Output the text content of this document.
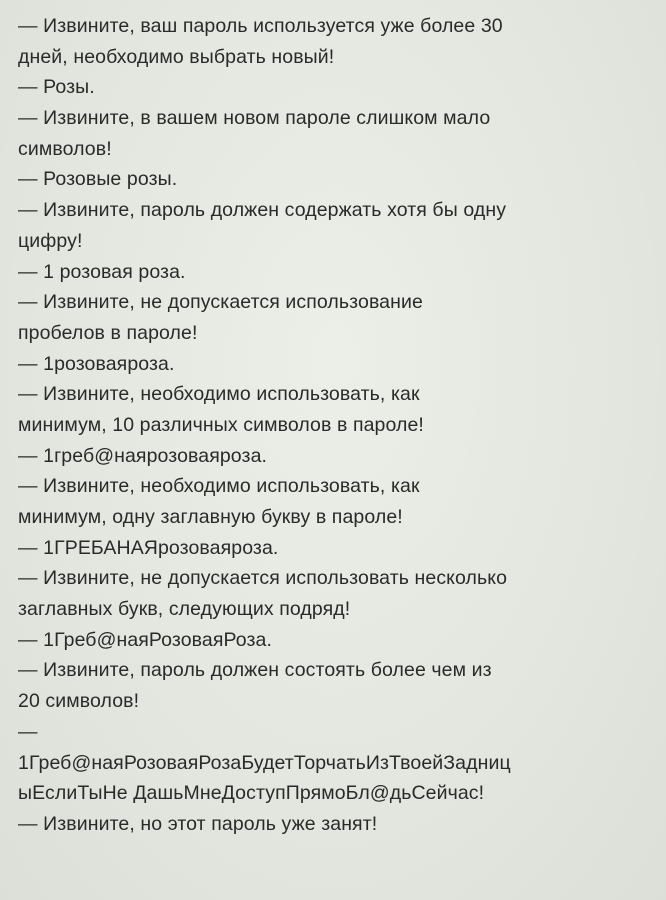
— Извините, ваш пароль используется уже более 30
дней, необходимо выбрать новый!
— Розы.
— Извините, в вашем новом пароле слишком мало
символов!
— Розовые розы.
— Извините, пароль должен содержать хотя бы одну
цифру!
— 1 розовая роза.
— Извините, не допускается использование
пробелов в пароле!
— 1розоваяроза.
— Извините, необходимо использовать, как
минимум, 10 различных символов в пароле!
— 1греб@наярозоваяроза.
— Извините, необходимо использовать, как
минимум, одну заглавную букву в пароле!
— 1ГРЕБАНАЯрозоваяроза.
— Извините, не допускается использовать несколько
заглавных букв, следующих подряд!
— 1Греб@наяРозоваяРоза.
— Извините, пароль должен состоять более чем из
20 символов!
—
1Греб@наяРозоваяРозаБудетТорчатьИзТвоейЗадниц
ыЕслиТыНе ДашьМнеДоступПрямоБл@дьСейчас!
— Извините, но этот пароль уже занят!
